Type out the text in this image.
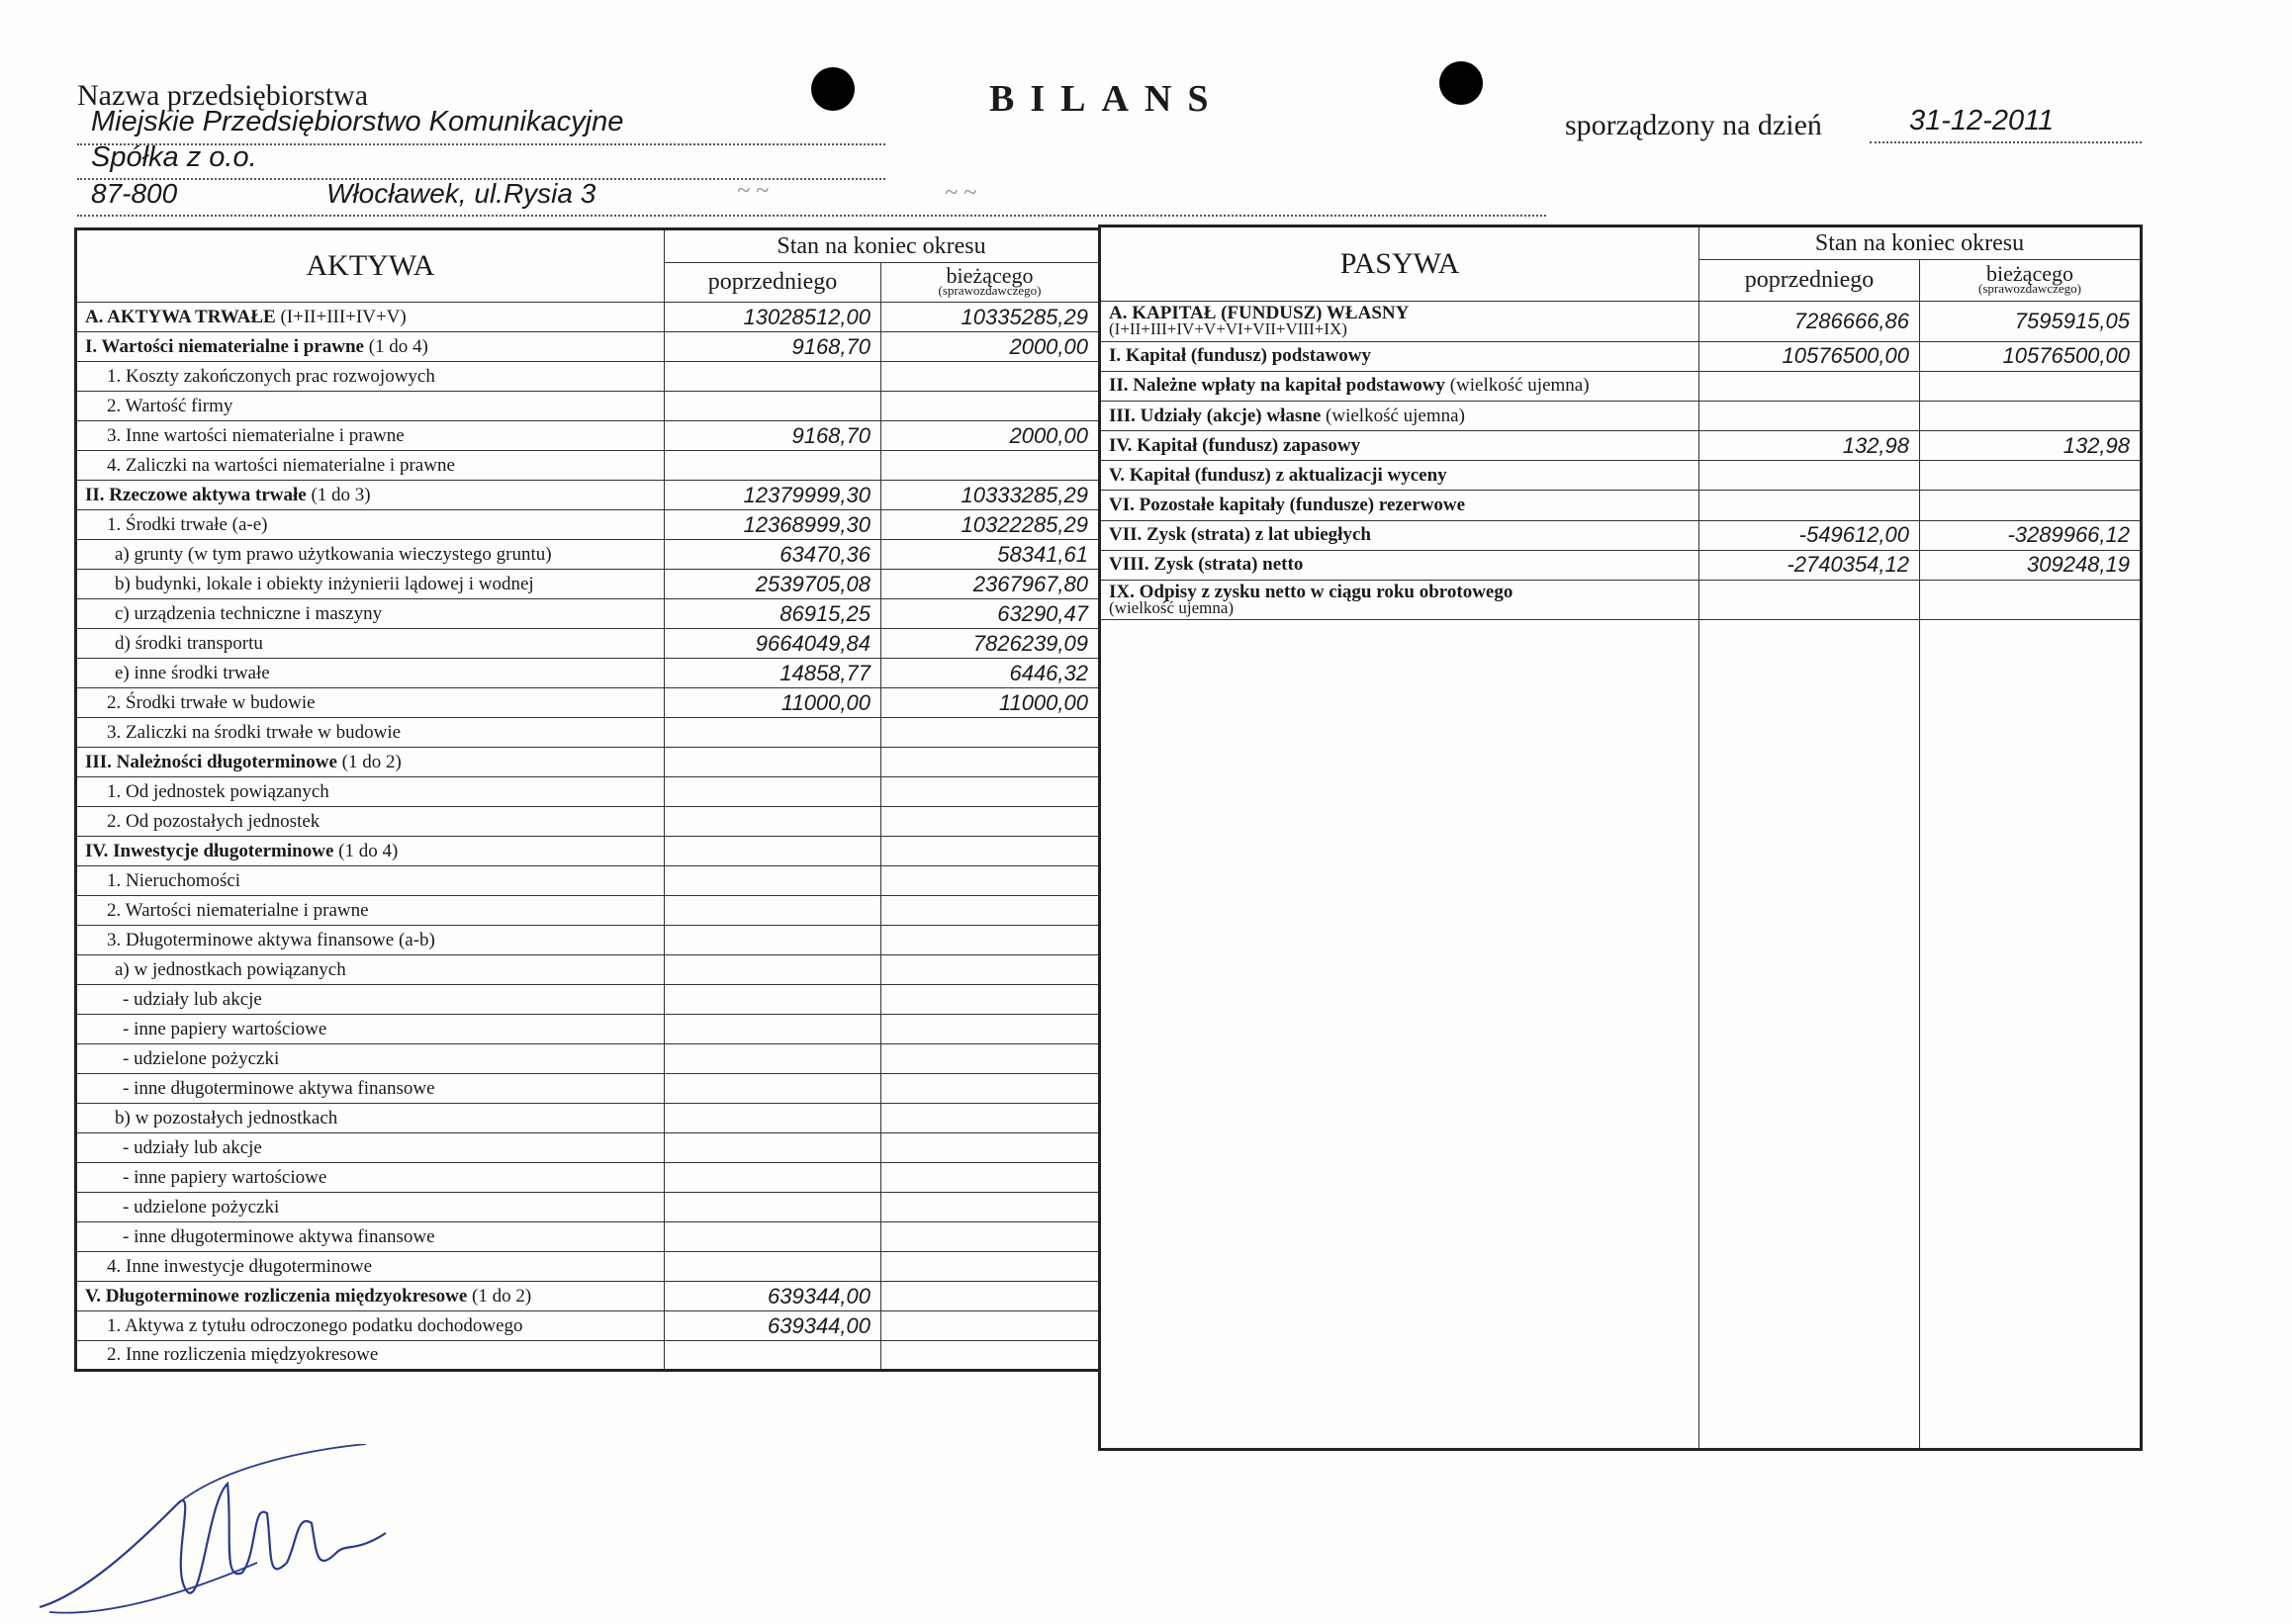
Nazwa przedsiębiorstwa
Miejskie Przedsiębiorstwo Komunikacyjne
Spółka z o.o.
87-800	Włocławek, ul.Rysia 3	~ ~	~ ~
BILANS
sporządzony na dzień	31-12-2011
AKTYWA	Stan na koniec okresu	
	poprzedniego	bieżącego
(sprawozdawczego)

A. AKTYWA TRWAŁE (I+II+III+IV+V)	13028512,00	10335285,29
I. Wartości niematerialne i prawne (1 do 4)	9168,70	2000,00
1. Koszty zakończonych prac rozwojowych		
2. Wartość firmy		
3. Inne wartości niematerialne i prawne	9168,70	2000,00
4. Zaliczki na wartości niematerialne i prawne		
II. Rzeczowe aktywa trwałe (1 do 3)	12379999,30	10333285,29
1. Środki trwałe (a-e)	12368999,30	10322285,29
a) grunty (w tym prawo użytkowania wieczystego gruntu)	63470,36	58341,61
b) budynki, lokale i obiekty inżynierii lądowej i wodnej	2539705,08	2367967,80
c) urządzenia techniczne i maszyny	86915,25	63290,47
d) środki transportu	9664049,84	7826239,09
e) inne środki trwałe	14858,77	6446,32
2. Środki trwałe w budowie	11000,00	11000,00
3. Zaliczki na środki trwałe w budowie		
III. Należności długoterminowe (1 do 2)		
1. Od jednostek powiązanych		
2. Od pozostałych jednostek		
IV. Inwestycje długoterminowe (1 do 4)		
1. Nieruchomości		
2. Wartości niematerialne i prawne		
3. Długoterminowe aktywa finansowe (a-b)		
a) w jednostkach powiązanych		
- udziały lub akcje		
- inne papiery wartościowe		
- udzielone pożyczki		
- inne długoterminowe aktywa finansowe		
b) w pozostałych jednostkach		
- udziały lub akcje		
- inne papiery wartościowe		
- udzielone pożyczki		
- inne długoterminowe aktywa finansowe		
4. Inne inwestycje długoterminowe		
V. Długoterminowe rozliczenia międzyokresowe (1 do 2)	639344,00	
1. Aktywa z tytułu odroczonego podatku dochodowego	639344,00	
2. Inne rozliczenia międzyokresowe		
PASYWA	Stan na koniec okresu	
	poprzedniego	bieżącego
(sprawozdawczego)

A. KAPITAŁ (FUNDUSZ) WŁASNY
(I+II+III+IV+V+VI+VII+VIII+IX)	7286666,86	7595915,05
I. Kapitał (fundusz) podstawowy	10576500,00	10576500,00
II. Należne wpłaty na kapitał podstawowy (wielkość ujemna)		
III. Udziały (akcje) własne (wielkość ujemna)		
IV. Kapitał (fundusz) zapasowy	132,98	132,98
V. Kapitał (fundusz) z aktualizacji wyceny		
VI. Pozostałe kapitały (fundusze) rezerwowe		
VII. Zysk (strata) z lat ubiegłych	-549612,00	-3289966,12
VIII. Zysk (strata) netto	-2740354,12	309248,19
IX. Odpisy z zysku netto w ciągu roku obrotowego
(wielkość ujemna)		
